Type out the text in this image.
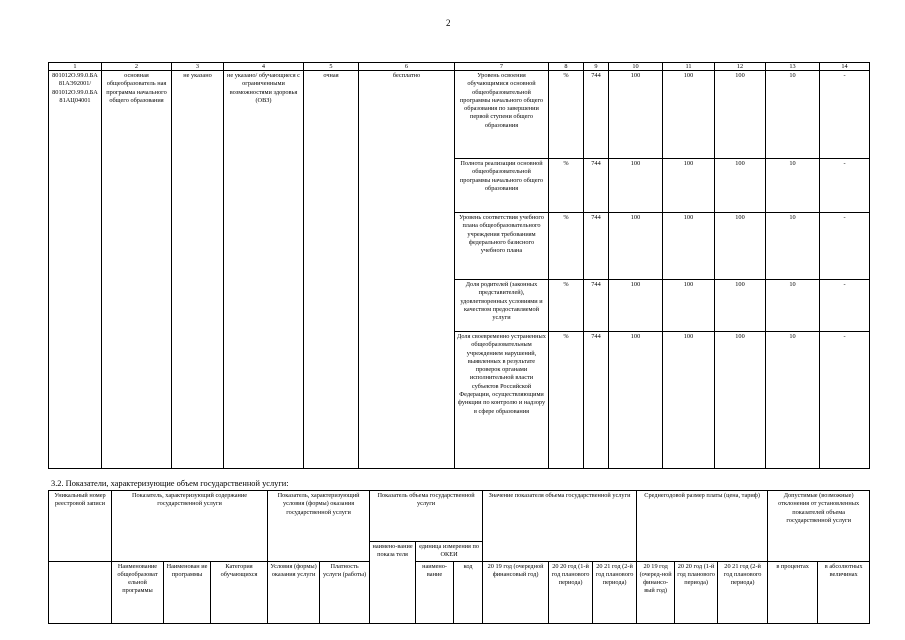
2
1	2	3	4	5	6	7	8	9	10	11	12	13	14
801012О.99.0.БА81АЭ92001/ 801012О.99.0.БА81АЦ04001	основная общеобразователь ная программа начального общего образования	не указано	не указано/ обучающиеся с ограниченными возможностями здоровья (ОВЗ)	очная	бесплатно	Уровень освоения обучающимися основной общеобразовательной программы начального общего образования по завершении первой ступени общего образования	%	744	100	100	100	10	-
						Полнота реализации основной общеобразовательной программы начального общего образования	%	744	100	100	100	10	-
						Уровень соответствия учебного плана общеобразовательного учреждения требованиям федерального базисного учебного плана	%	744	100	100	100	10	-
						Доля родителей (законных представителей), удовлетворенных условиями и качеством предоставляемой услуги	%	744	100	100	100	10	-
						Доля своевременно устраненных общеобразовательным учреждением нарушений, выявленных в результате проверок органами исполнительной власти субъектов Российской Федерации, осуществляющими функции по контролю и надзору в сфере образования	%	744	100	100	100	10	-
3.2. Показатели, характеризующие объем государственной услуги:
Уникальный номер реестровой записи	Показатель, характеризующий содержание государственной услуги			Показатель, характеризующий условия (формы) оказания государственной услуги		Показатель объема государственной услуги			Значение показателя объема государственной услуги			Среднегодовой размер платы (цена, тариф)			Допустимые (возможные) отклонения от установленных показателей объема государственной услуги	
						наимено-вание показа теля	единица измерения по ОКЕИ									
	Наименование общеобразоват ельной программы	Наименован ие программы	Категория обучающихся	Условия (формы) оказания услуги	Платность услуги (работы)		наимено-вание	код	20 19 год (очередной финансовый год)	20 20 год (1-й год планового периода)	20 21 год (2-й год планового периода)	20 19 год (очеред-ной финансо-вый год)	20 20 год (1-й год планового периода)	20 21 год (2-й год планового периода)	в процентах	в абсолютных величинах
